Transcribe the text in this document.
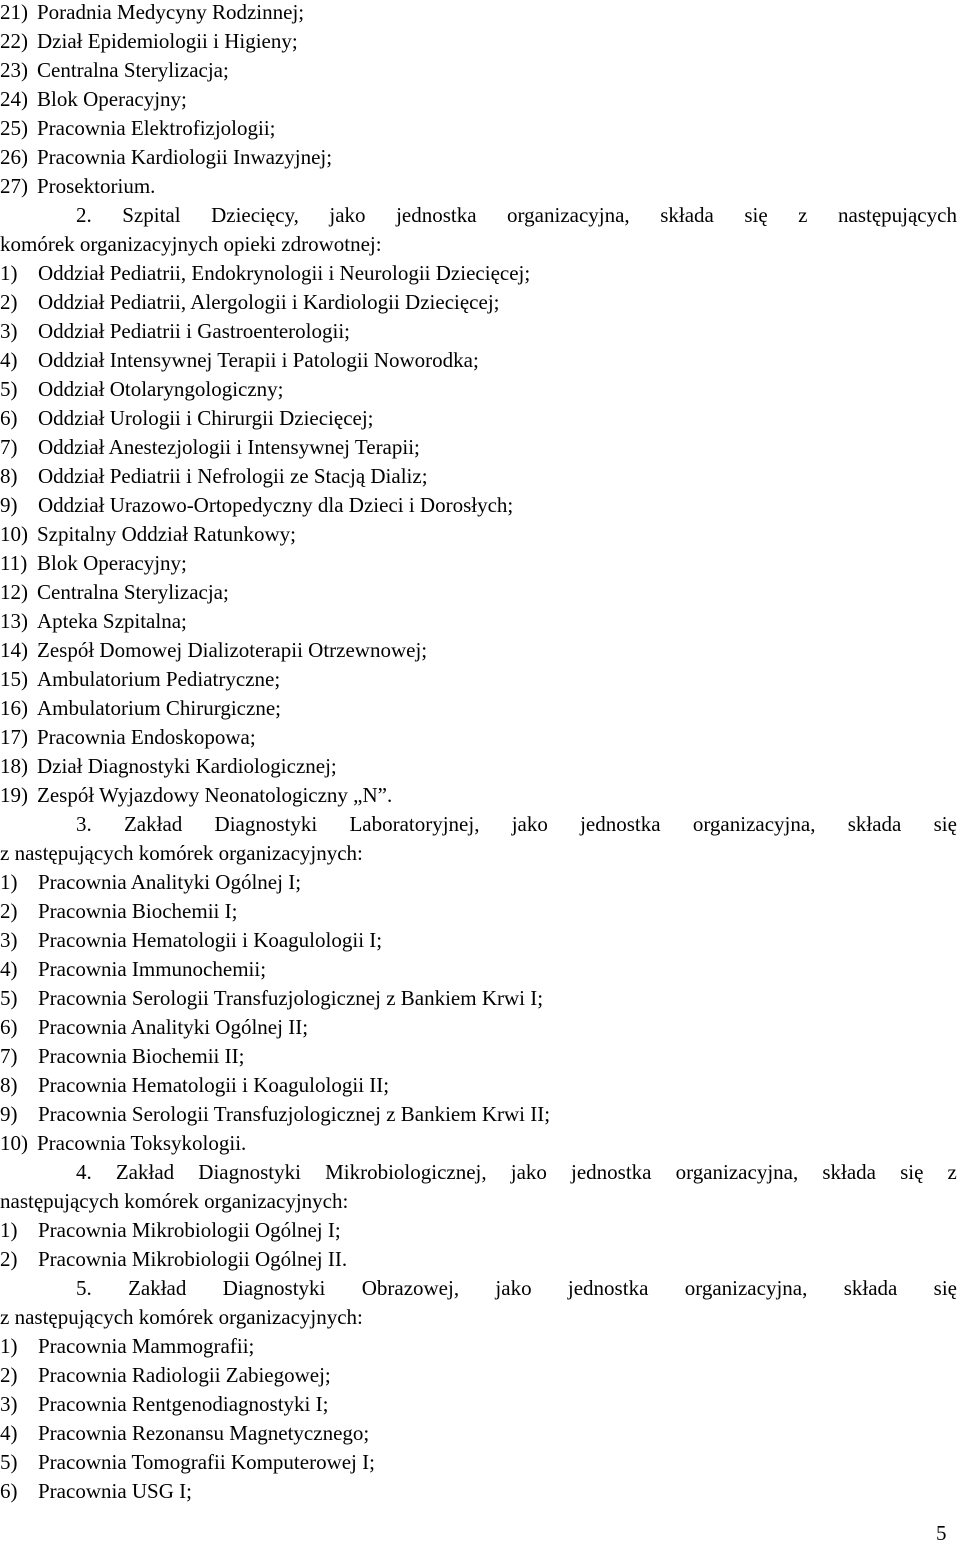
21) Poradnia Medycyny Rodzinnej;
22) Dział Epidemiologii i Higieny;
23) Centralna Sterylizacja;
24) Blok Operacyjny;
25) Pracownia Elektrofizjologii;
26) Pracownia Kardiologii Inwazyjnej;
27) Prosektorium.
2. Szpital Dziecięcy, jako jednostka organizacyjna, składa się z następujących
komórek organizacyjnych opieki zdrowotnej:
1) Oddział Pediatrii, Endokrynologii i Neurologii Dziecięcej;
2) Oddział Pediatrii, Alergologii i Kardiologii Dziecięcej;
3) Oddział Pediatrii i Gastroenterologii;
4) Oddział Intensywnej Terapii i Patologii Noworodka;
5) Oddział Otolaryngologiczny;
6) Oddział Urologii i Chirurgii Dziecięcej;
7) Oddział Anestezjologii i Intensywnej Terapii;
8) Oddział Pediatrii i Nefrologii ze Stacją Dializ;
9) Oddział Urazowo-Ortopedyczny dla Dzieci i Dorosłych;
10) Szpitalny Oddział Ratunkowy;
11) Blok Operacyjny;
12) Centralna Sterylizacja;
13) Apteka Szpitalna;
14) Zespół Domowej Dializoterapii Otrzewnowej;
15) Ambulatorium Pediatryczne;
16) Ambulatorium Chirurgiczne;
17) Pracownia Endoskopowa;
18) Dział Diagnostyki Kardiologicznej;
19) Zespół Wyjazdowy Neonatologiczny „N”.
3. Zakład Diagnostyki Laboratoryjnej, jako jednostka organizacyjna, składa się
z następujących komórek organizacyjnych:
1) Pracownia Analityki Ogólnej I;
2) Pracownia Biochemii I;
3) Pracownia Hematologii i Koagulologii I;
4) Pracownia Immunochemii;
5) Pracownia Serologii Transfuzjologicznej z Bankiem Krwi I;
6) Pracownia Analityki Ogólnej II;
7) Pracownia Biochemii II;
8) Pracownia Hematologii i Koagulologii II;
9) Pracownia Serologii Transfuzjologicznej z Bankiem Krwi II;
10) Pracownia Toksykologii.
4. Zakład Diagnostyki Mikrobiologicznej, jako jednostka organizacyjna, składa się z
następujących komórek organizacyjnych:
1) Pracownia Mikrobiologii Ogólnej I;
2) Pracownia Mikrobiologii Ogólnej II.
5. Zakład Diagnostyki Obrazowej, jako jednostka organizacyjna, składa się
z następujących komórek organizacyjnych:
1) Pracownia Mammografii;
2) Pracownia Radiologii Zabiegowej;
3) Pracownia Rentgenodiagnostyki I;
4) Pracownia Rezonansu Magnetycznego;
5) Pracownia Tomografii Komputerowej I;
6) Pracownia USG I;
5
